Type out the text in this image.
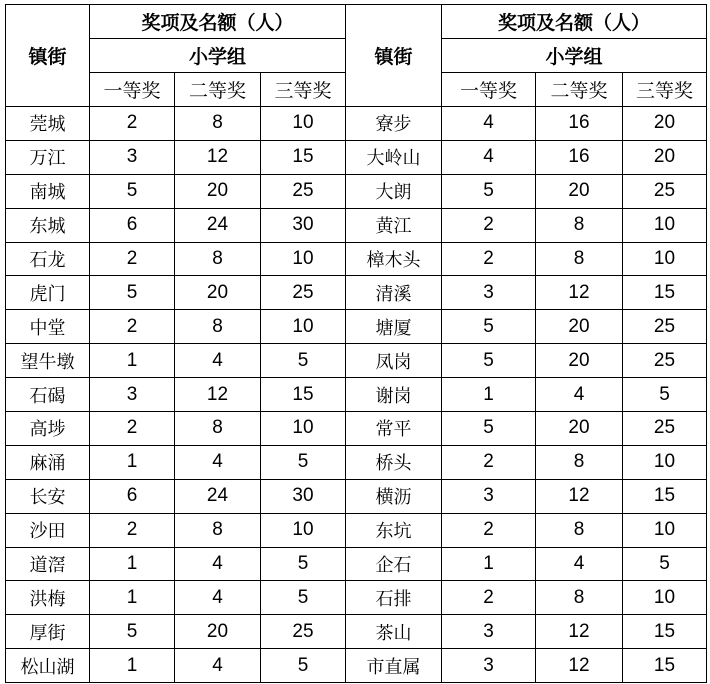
镇街	奖项及名额（人）			镇街	奖项及名额（人）		
	小学组				小学组		
	一等奖	二等奖	三等奖		一等奖	二等奖	三等奖
莞城	2	8	10	寮步	4	16	20
万江	3	12	15	大岭山	4	16	20
南城	5	20	25	大朗	5	20	25
东城	6	24	30	黄江	2	8	10
石龙	2	8	10	樟木头	2	8	10
虎门	5	20	25	清溪	3	12	15
中堂	2	8	10	塘厦	5	20	25
望牛墩	1	4	5	凤岗	5	20	25
石碣	3	12	15	谢岗	1	4	5
高埗	2	8	10	常平	5	20	25
麻涌	1	4	5	桥头	2	8	10
长安	6	24	30	横沥	3	12	15
沙田	2	8	10	东坑	2	8	10
道滘	1	4	5	企石	1	4	5
洪梅	1	4	5	石排	2	8	10
厚街	5	20	25	茶山	3	12	15
松山湖	1	4	5	市直属	3	12	15
